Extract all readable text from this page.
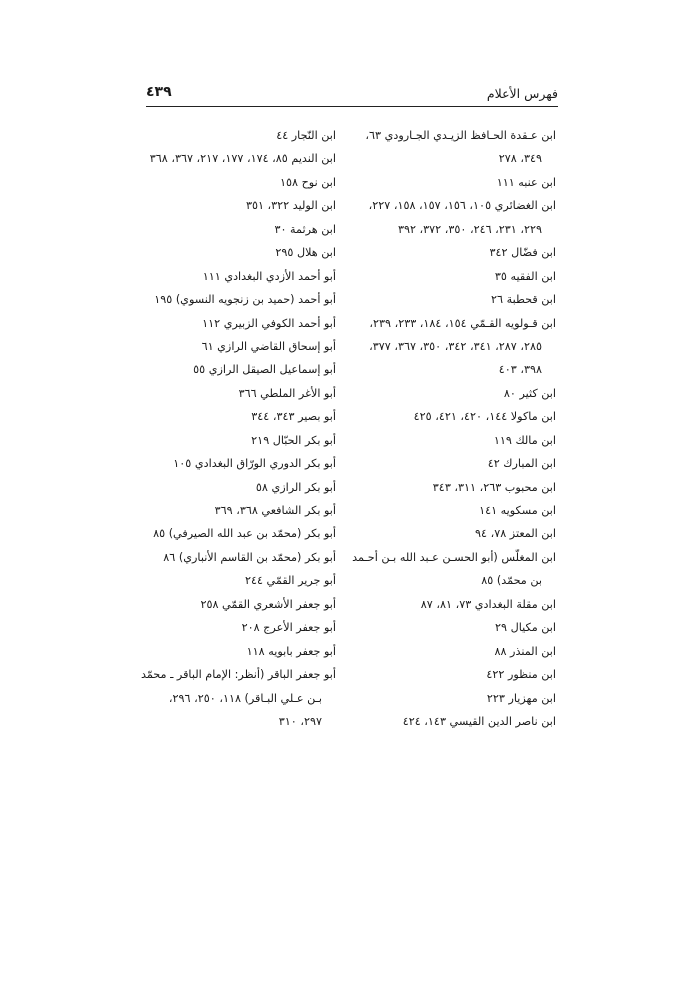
فهرس الأعلام
٤٣٩
ابن عـقدة الحـافظ الزيـدي الجـارودي ٦٣،
٣٤٩، ٢٧٨
ابن عنبه ١١١
ابن الغضائري ١٠٥، ١٥٦، ١٥٧، ١٥٨، ٢٢٧،
٢٢٩، ٢٣١، ٢٤٦، ٣٥٠، ٣٧٢، ٣٩٢
ابن فضّال ٣٤٢
ابن الفقيه ٣٥
ابن قحطبة ٢٦
ابن قـولويه القـمّي ١٥٤، ١٨٤، ٢٣٣، ٢٣٩،
٢٨٥، ٢٨٧، ٣٤١، ٣٤٢، ٣٥٠، ٣٦٧، ٣٧٧،
٣٩٨، ٤٠٣
ابن كثير ٨٠
ابن ماكولا ١٤٤، ٤٢٠، ٤٢١، ٤٢٥
ابن مالك ١١٩
ابن المبارك ٤٢
ابن محبوب ٢٦٣، ٣١١، ٣٤٣
ابن مسكويه ١٤١
ابن المعتز ٧٨، ٩٤
ابن المغلّس (أبو الحسـن عـبد الله بـن أحـمد
بن محمّد) ٨٥
ابن مقلة البغدادي ٧٣، ٨١، ٨٧
ابن مكيال ٢٩
ابن المنذر ٨٨
ابن منظور ٤٢٢
ابن مهزيار ٢٢٣
ابن ناصر الدين القيسي ١٤٣، ٤٢٤
ابن النّجار ٤٤
ابن النديم ٨٥، ١٧٤، ١٧٧، ٢١٧، ٣٦٧، ٣٦٨
ابن نوح ١٥٨
ابن الوليد ٣٢٢، ٣٥١
ابن هرثمة ٣٠
ابن هلال ٢٩٥
أبو أحمد الأزدي البغدادي ١١١
أبو أحمد (حميد بن زنجويه النسوي) ١٩٥
أبو أحمد الكوفي الزبيري ١١٢
أبو إسحاق القاضي الرازي ٦١
أبو إسماعيل الصيقل الرازي ٥٥
أبو الأغر الملطي ٣٦٦
أبو بصير ٣٤٣، ٣٤٤
أبو بكر الحبّال ٢١٩
أبو بكر الدوري الورّاق البغدادي ١٠٥
أبو بكر الرازي ٥٨
أبو بكر الشافعي ٣٦٨، ٣٦٩
أبو بكر (محمّد بن عبد الله الصيرفي) ٨٥
أبو بكر (محمّد بن القاسم الأنباري) ٨٦
أبو جرير القمّي ٢٤٤
أبو جعفر الأشعري القمّي ٢٥٨
أبو جعفر الأعرج ٢٠٨
أبو جعفر بابويه ١١٨
أبو جعفر الباقر (أنظر: الإمام الباقر ـ محمّد
بـن عـلي البـاقر) ١١٨، ٢٥٠، ٢٩٦،
٢٩٧، ٣١٠
